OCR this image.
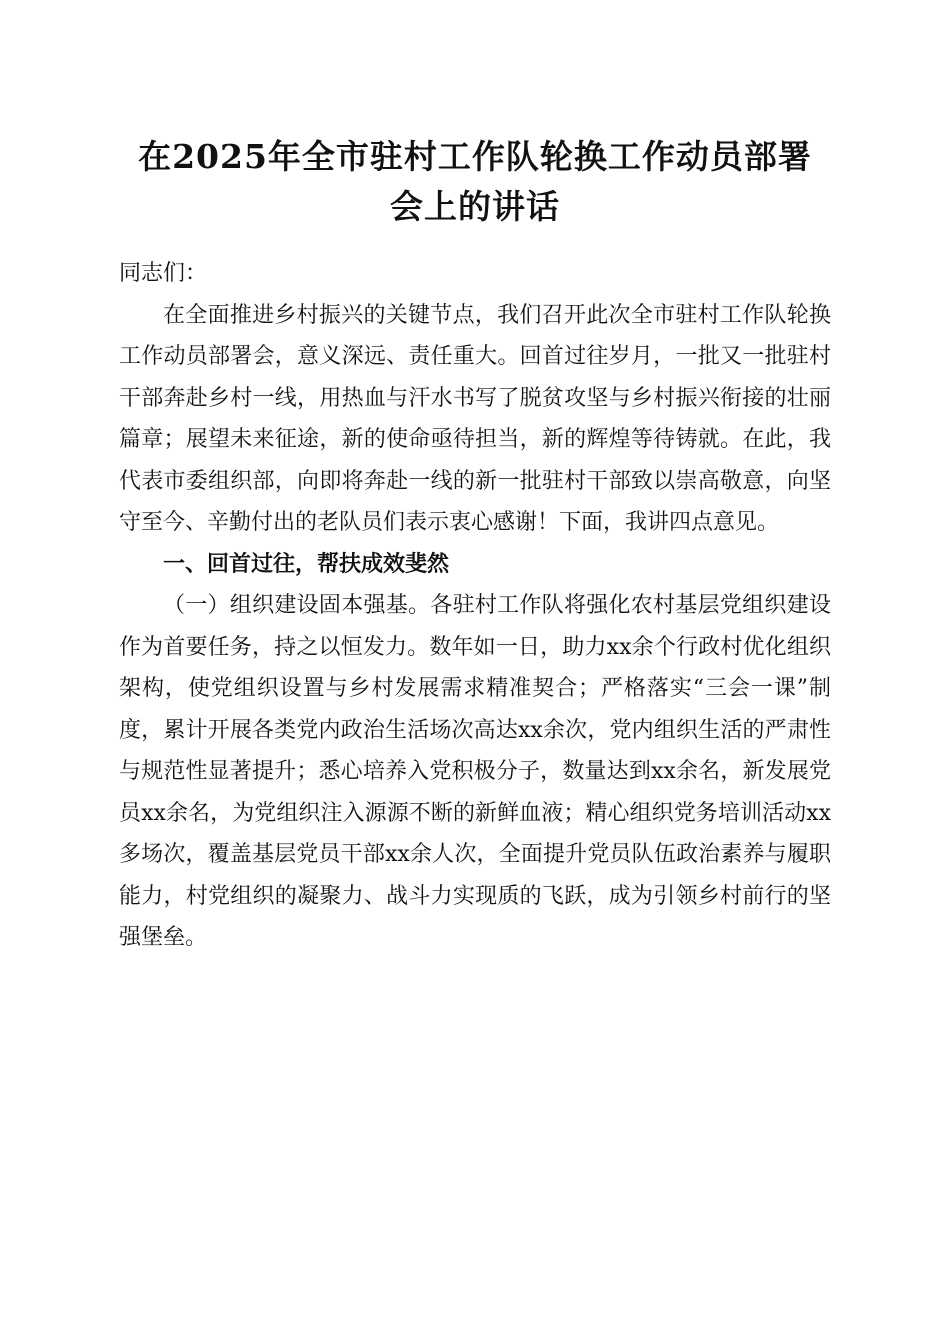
在2025年全市驻村工作队轮换工作动员部署
会上的讲话

同志们：

在全面推进乡村振兴的关键节点，我们召开此次全市驻村工作队轮换工作动员部署会，意义深远、责任重大。回首过往岁月，一批又一批驻村干部奔赴乡村一线，用热血与汗水书写了脱贫攻坚与乡村振兴衔接的壮丽篇章；展望未来征途，新的使命亟待担当，新的辉煌等待铸就。在此，我代表市委组织部，向即将奔赴一线的新一批驻村干部致以崇高敬意，向坚守至今、辛勤付出的老队员们表示衷心感谢！下面，我讲四点意见。

一、回首过往，帮扶成效斐然

（一）组织建设固本强基。各驻村工作队将强化农村基层党组织建设作为首要任务，持之以恒发力。数年如一日，助力xx余个行政村优化组织架构，使党组织设置与乡村发展需求精准契合；严格落实“三会一课”制度，累计开展各类党内政治生活场次高达xx余次，党内组织生活的严肃性与规范性显著提升；悉心培养入党积极分子，数量达到xx余名，新发展党员xx余名，为党组织注入源源不断的新鲜血液；精心组织党务培训活动xx多场次，覆盖基层党员干部xx余人次，全面提升党员队伍政治素养与履职能力，村党组织的凝聚力、战斗力实现质的飞跃，成为引领乡村前行的坚强堡垒。
